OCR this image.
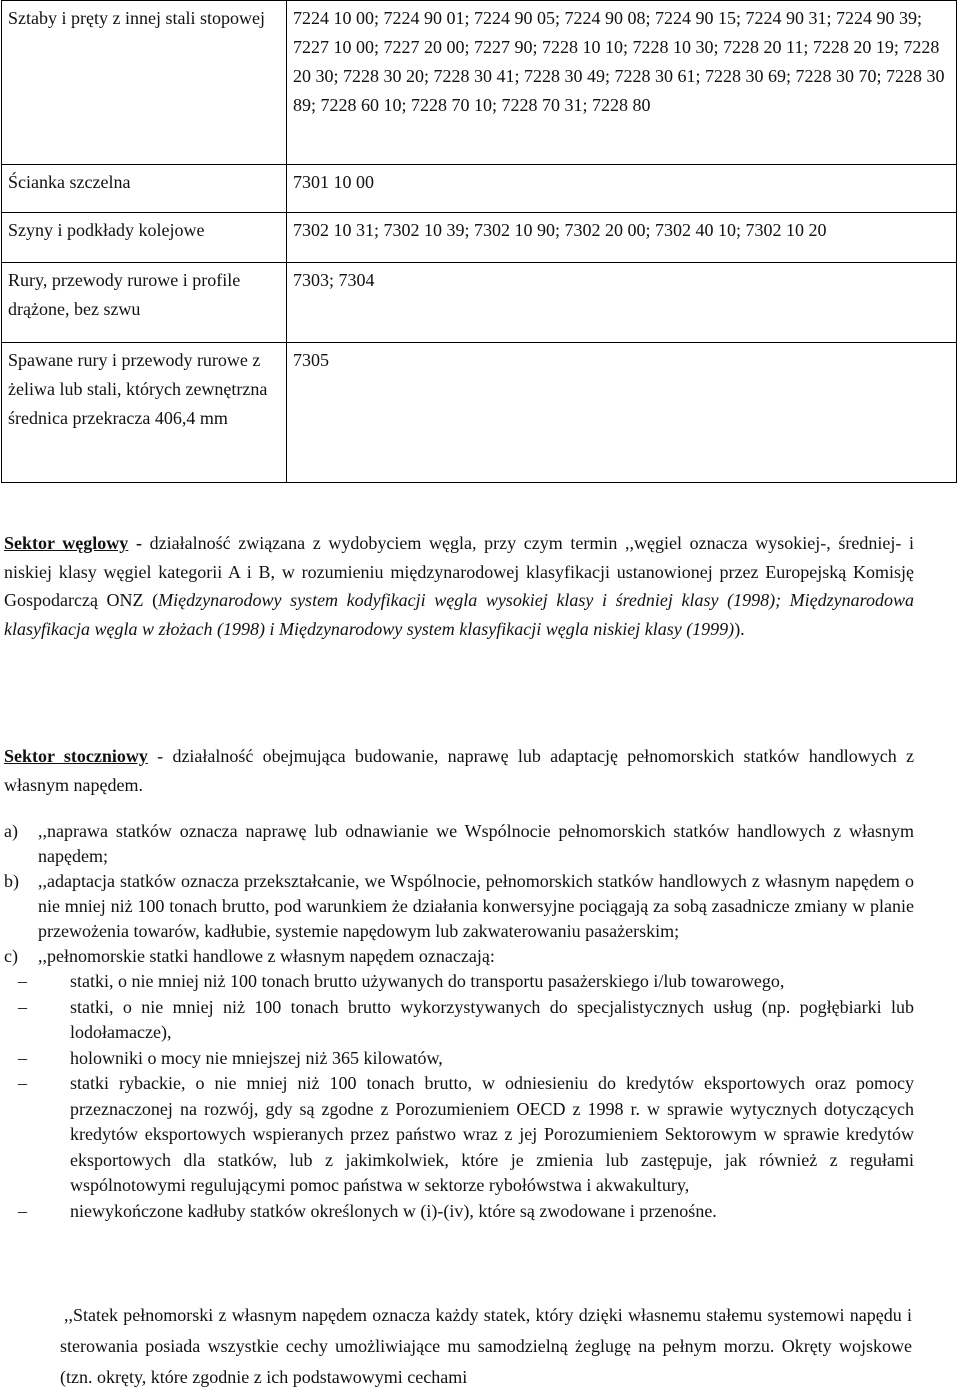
Sztaby i pręty z innej stali stopowej	7224 10 00; 7224 90 01; 7224 90 05; 7224 90 08; 7224 90 15; 7224 90 31; 7224 90 39; 7227 10 00; 7227 20 00; 7227 90; 7228 10 10; 7228 10 30; 7228 20 11; 7228 20 19; 7228 20 30; 7228 30 20; 7228 30 41; 7228 30 49; 7228 30 61; 7228 30 69; 7228 30 70; 7228 30 89; 7228 60 10; 7228 70 10; 7228 70 31; 7228 80
Ścianka szczelna	7301 10 00
Szyny i podkłady kolejowe	7302 10 31; 7302 10 39; 7302 10 90; 7302 20 00; 7302 40 10; 7302 10 20
Rury, przewody rurowe i profile drążone, bez szwu	7303; 7304
Spawane rury i przewody rurowe z żeliwa lub stali, których zewnętrzna średnica przekracza 406,4 mm	7305
Sektor węglowy - działalność związana z wydobyciem węgla, przy czym termin ,,węgiel oznacza wysokiej-, średniej- i niskiej klasy węgiel kategorii A i B, w rozumieniu międzynarodowej klasyfikacji ustanowionej przez Europejską Komisję Gospodarczą ONZ (Międzynarodowy system kodyfikacji węgla wysokiej klasy i średniej klasy (1998); Międzynarodowa klasyfikacja węgla w złożach (1998) i Międzynarodowy system klasyfikacji węgla niskiej klasy (1999)).
Sektor stoczniowy - działalność obejmująca budowanie, naprawę lub adaptację pełnomorskich statków handlowych z własnym napędem.
a) ,,naprawa statków oznacza naprawę lub odnawianie we Wspólnocie pełnomorskich statków handlowych z własnym napędem;
b) ,,adaptacja statków oznacza przekształcanie, we Wspólnocie, pełnomorskich statków handlowych z własnym napędem o nie mniej niż 100 tonach brutto, pod warunkiem że działania konwersyjne pociągają za sobą zasadnicze zmiany w planie przewożenia towarów, kadłubie, systemie napędowym lub zakwaterowaniu pasażerskim;
c) ,,pełnomorskie statki handlowe z własnym napędem oznaczają:
– statki, o nie mniej niż 100 tonach brutto używanych do transportu pasażerskiego i/lub towarowego,
– statki, o nie mniej niż 100 tonach brutto wykorzystywanych do specjalistycznych usług (np. pogłębiarki lub lodołamacze),
– holowniki o mocy nie mniejszej niż 365 kilowatów,
– statki rybackie, o nie mniej niż 100 tonach brutto, w odniesieniu do kredytów eksportowych oraz pomocy przeznaczonej na rozwój, gdy są zgodne z Porozumieniem OECD z 1998 r. w sprawie wytycznych dotyczących kredytów eksportowych wspieranych przez państwo wraz z jej Porozumieniem Sektorowym w sprawie kredytów eksportowych dla statków, lub z jakimkolwiek, które je zmienia lub zastępuje, jak również z regułami wspólnotowymi regulującymi pomoc państwa w sektorze rybołówstwa i akwakultury,
– niewykończone kadłuby statków określonych w (i)-(iv), które są zwodowane i przenośne.
,,Statek pełnomorski z własnym napędem oznacza każdy statek, który dzięki własnemu stałemu systemowi napędu i sterowania posiada wszystkie cechy umożliwiające mu samodzielną żeglugę na pełnym morzu. Okręty wojskowe (tzn. okręty, które zgodnie z ich podstawowymi cechami
